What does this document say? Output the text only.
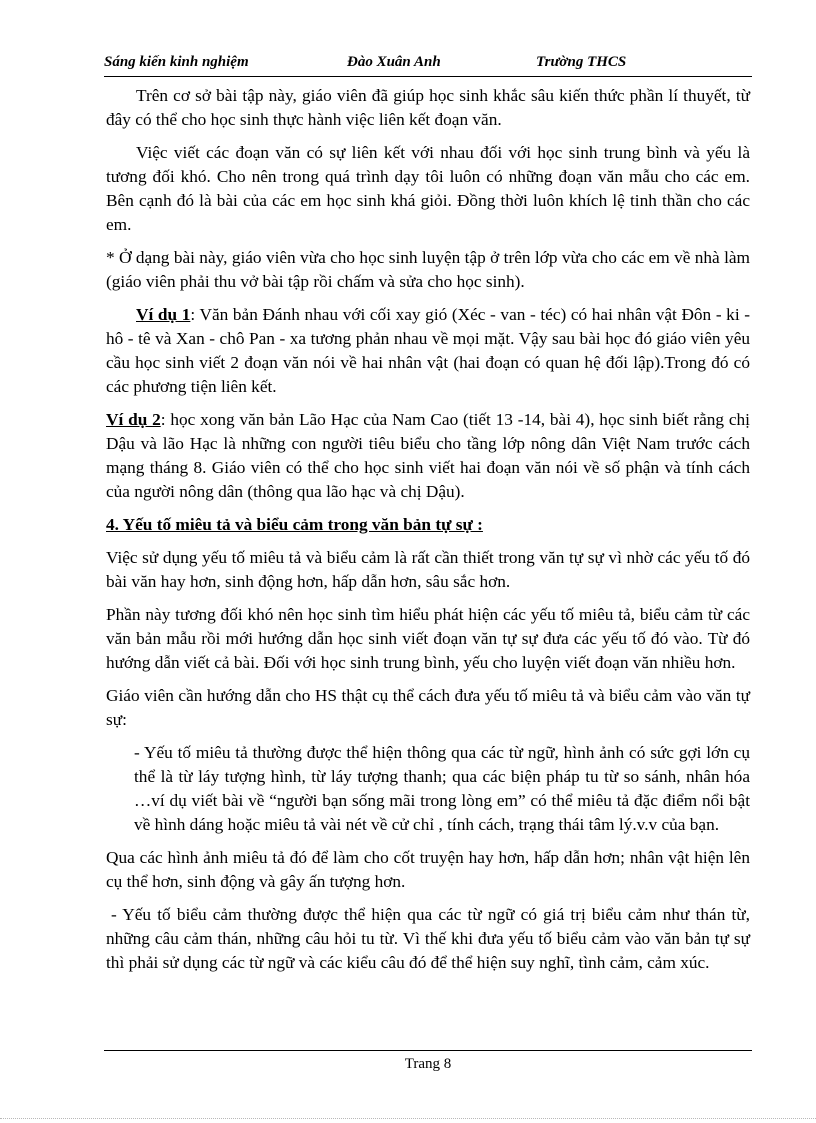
Sáng kiến kinh nghiệm	Đào Xuân Anh	Trường THCS

Trên cơ sở bài tập này, giáo viên đã giúp học sinh khắc sâu kiến thức phần lí thuyết, từ đây có thể cho học sinh thực hành việc liên kết đoạn văn.

Việc viết các đoạn văn có sự liên kết với nhau đối với học sinh trung bình và yếu là tương đối khó. Cho nên trong quá trình dạy tôi luôn có những đoạn văn mẫu cho các em. Bên cạnh đó là bài của các em học sinh khá giỏi. Đồng thời luôn khích lệ tinh thần cho các em.

* Ở dạng bài này, giáo viên vừa cho học sinh luyện tập ở trên lớp vừa cho các em về nhà làm (giáo viên phải thu vở bài tập rồi chấm và sửa cho học sinh).

Ví dụ 1: Văn bản Đánh nhau với cối xay gió (Xéc - van - téc) có hai nhân vật Đôn - ki - hô - tê và Xan - chô Pan - xa tương phản nhau về mọi mặt. Vậy sau bài học đó giáo viên yêu cầu học sinh viết 2 đoạn văn nói về hai nhân vật (hai đoạn có quan hệ đối lập).Trong đó có các phương tiện liên kết.

Ví dụ 2: học xong văn bản Lão Hạc của Nam Cao (tiết 13 -14, bài 4), học sinh biết rằng chị Dậu và lão Hạc là những con người tiêu biểu cho tầng lớp nông dân Việt Nam trước cách mạng tháng 8. Giáo viên có thể cho học sinh viết hai đoạn văn nói về số phận và tính cách của người nông dân (thông qua lão hạc và chị Dậu).

4. Yếu tố miêu tả và biểu cảm trong văn bản tự sự :

Việc sử dụng yếu tố miêu tả và biểu cảm là rất cần thiết trong văn tự sự vì nhờ các yếu tố đó bài văn hay hơn, sinh động hơn, hấp dẫn hơn, sâu sắc hơn.

Phần này tương đối khó nên học sinh tìm hiểu phát hiện các yếu tố miêu tả, biểu cảm từ các văn bản mẫu rồi mới hướng dẫn học sinh viết đoạn văn tự sự đưa các yếu tố đó vào. Từ đó hướng dẫn viết cả bài. Đối với học sinh trung bình, yếu cho luyện viết đoạn văn nhiều hơn.

Giáo viên cần hướng dẫn cho HS thật cụ thể cách đưa yếu tố miêu tả và biểu cảm vào văn tự sự:

- Yếu tố miêu tả thường được thể hiện thông qua các từ ngữ, hình ảnh có sức gợi lớn cụ thể là từ láy tượng hình, từ láy tượng thanh; qua các biện pháp tu từ so sánh, nhân hóa …ví dụ viết bài về “người bạn sống mãi trong lòng em” có thể miêu tả đặc điểm nổi bật về hình dáng hoặc miêu tả vài nét về cử chỉ , tính cách, trạng thái tâm lý.v.v của bạn.

Qua các hình ảnh miêu tả đó để làm cho cốt truyện hay hơn, hấp dẫn hơn; nhân vật hiện lên cụ thể hơn, sinh động và gây ấn tượng hơn.

- Yếu tố biểu cảm thường được thể hiện qua các từ ngữ có giá trị biểu cảm như thán từ, những câu cảm thán, những câu hỏi tu từ. Vì thế khi đưa yếu tố biểu cảm vào văn bản tự sự thì phải sử dụng các từ ngữ và các kiểu câu đó để thể hiện suy nghĩ, tình cảm, cảm xúc.

Trang 8
